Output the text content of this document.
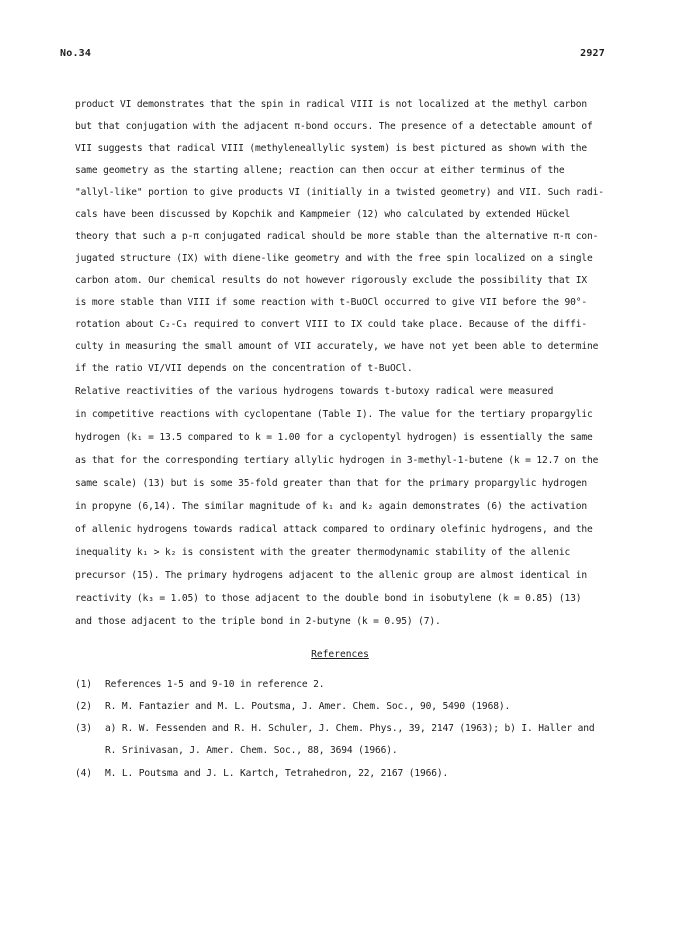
No.34	2927
product VI demonstrates that the spin in radical VIII is not localized at the methyl carbon
but that conjugation with the adjacent π-bond occurs. The presence of a detectable amount of
VII suggests that radical VIII (methyleneallylic system) is best pictured as shown with the
same geometry as the starting allene; reaction can then occur at either terminus of the
"allyl-like" portion to give products VI (initially in a twisted geometry) and VII. Such radi-
cals have been discussed by Kopchik and Kampmeier (12) who calculated by extended Hückel
theory that such a p-π conjugated radical should be more stable than the alternative π-π con-
jugated structure (IX) with diene-like geometry and with the free spin localized on a single
carbon atom. Our chemical results do not however rigorously exclude the possibility that IX
is more stable than VIII if some reaction with t-BuOCl occurred to give VII before the 90°-
rotation about C₂-C₃ required to convert VIII to IX could take place. Because of the diffi-
culty in measuring the small amount of VII accurately, we have not yet been able to determine
if the ratio VI/VII depends on the concentration of t-BuOCl.
Relative reactivities of the various hydrogens towards t-butoxy radical were measured
in competitive reactions with cyclopentane (Table I). The value for the tertiary propargylic
hydrogen (k₁ = 13.5 compared to k = 1.00 for a cyclopentyl hydrogen) is essentially the same
as that for the corresponding tertiary allylic hydrogen in 3-methyl-1-butene (k = 12.7 on the
same scale) (13) but is some 35-fold greater than that for the primary propargylic hydrogen
in propyne (6,14). The similar magnitude of k₁ and k₂ again demonstrates (6) the activation
of allenic hydrogens towards radical attack compared to ordinary olefinic hydrogens, and the
inequality k₁ > k₂ is consistent with the greater thermodynamic stability of the allenic
precursor (15). The primary hydrogens adjacent to the allenic group are almost identical in
reactivity (k₃ = 1.05) to those adjacent to the double bond in isobutylene (k = 0.85) (13)
and those adjacent to the triple bond in 2-butyne (k = 0.95) (7).
References
(1) References 1-5 and 9-10 in reference 2.
(2) R. M. Fantazier and M. L. Poutsma, J. Amer. Chem. Soc., 90, 5490 (1968).
(3) a) R. W. Fessenden and R. H. Schuler, J. Chem. Phys., 39, 2147 (1963); b) I. Haller and
R. Srinivasan, J. Amer. Chem. Soc., 88, 3694 (1966).
(4) M. L. Poutsma and J. L. Kartch, Tetrahedron, 22, 2167 (1966).
